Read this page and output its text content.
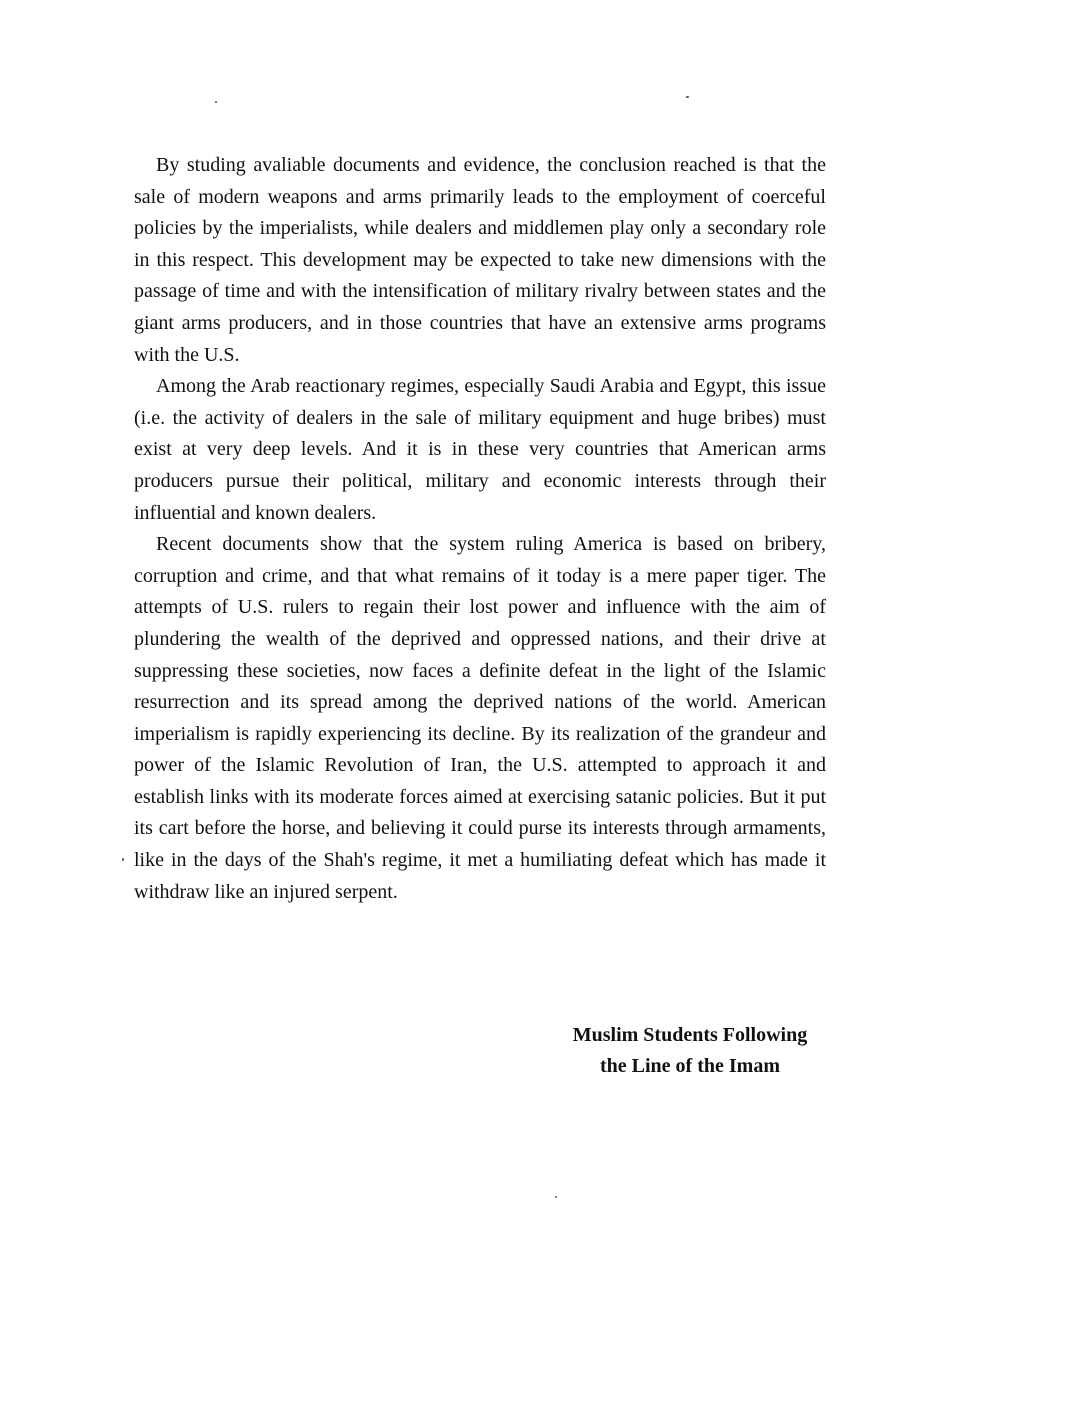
By studing avaliable documents and evidence, the conclusion reached is that the sale of modern weapons and arms primarily leads to the employment of coerceful policies by the imperialists, while dealers and middlemen play only a secondary role in this respect. This development may be expected to take new dimensions with the passage of time and with the intensification of military rivalry between states and the giant arms producers, and in those countries that have an extensive arms programs with the U.S.

Among the Arab reactionary regimes, especially Saudi Arabia and Egypt, this issue (i.e. the activity of dealers in the sale of military equipment and huge bribes) must exist at very deep levels. And it is in these very countries that American arms producers pursue their political, military and economic interests through their influential and known dealers.

Recent documents show that the system ruling America is based on bribery, corruption and crime, and that what remains of it today is a mere paper tiger. The attempts of U.S. rulers to regain their lost power and influence with the aim of plundering the wealth of the deprived and oppressed nations, and their drive at suppressing these societies, now faces a definite defeat in the light of the Islamic resurrection and its spread among the deprived nations of the world. American imperialism is rapidly experiencing its decline. By its realization of the grandeur and power of the Islamic Revolution of Iran, the U.S. attempted to approach it and establish links with its moderate forces aimed at exercising satanic policies. But it put its cart before the horse, and believing it could purse its interests through armaments, like in the days of the Shah's regime, it met a humiliating defeat which has made it withdraw like an injured serpent.

Muslim Students Following
the Line of the Imam
